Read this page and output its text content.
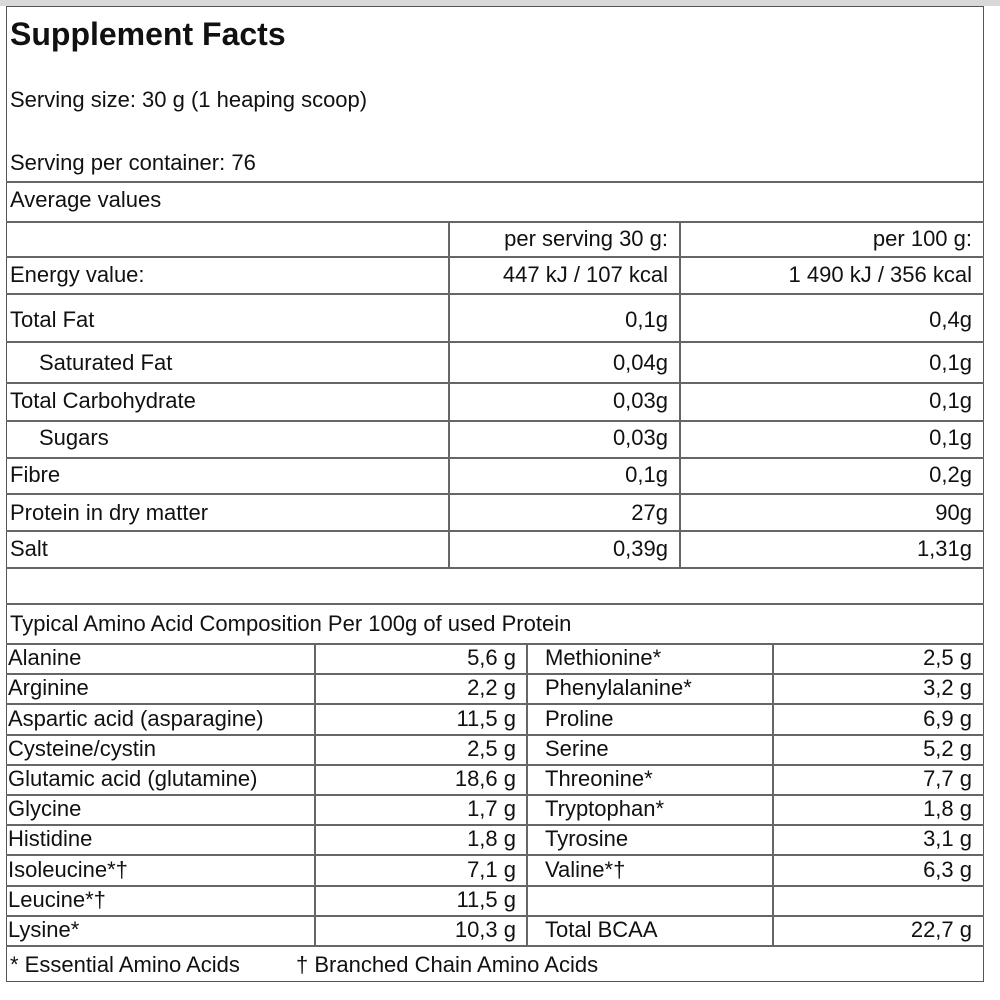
Energy value:	447 kJ / 107 kcal	1 490 kJ / 356 kcal
Total Fat	0,1g	0,4g
Saturated Fat	0,04g	0,1g
Total Carbohydrate	0,03g	0,1g
Sugars	0,03g	0,1g
Fibre	0,1g	0,2g
Protein in dry matter	27g	90g
Salt	0,39g	1,31g
Alanine	5,6 g Methionine*	2,5 g
Arginine	2,2 g Phenylalanine*	3,2 g
Aspartic acid (asparagine)	11,5 g Proline	6,9 g
Cysteine/cystin	2,5 g Serine	5,2 g
Glutamic acid (glutamine)	18,6 g Threonine*	7,7 g
Glycine	1,7 g Tryptophan*	1,8 g
Histidine	1,8 g Tyrosine	3,1 g
Isoleucine*†	7,1 g Valine*†	6,3 g
Leucine*†	11,5 g
Lysine*	10,3 g Total BCAA	22,7 g
Supplement Facts
Serving size: 30 g (1 heaping scoop)
Serving per container: 76
Average values
per serving 30 g:	per 100 g:
Typical Amino Acid Composition Per 100g of used Protein
* Essential Amino Acids	† Branched Chain Amino Acids
